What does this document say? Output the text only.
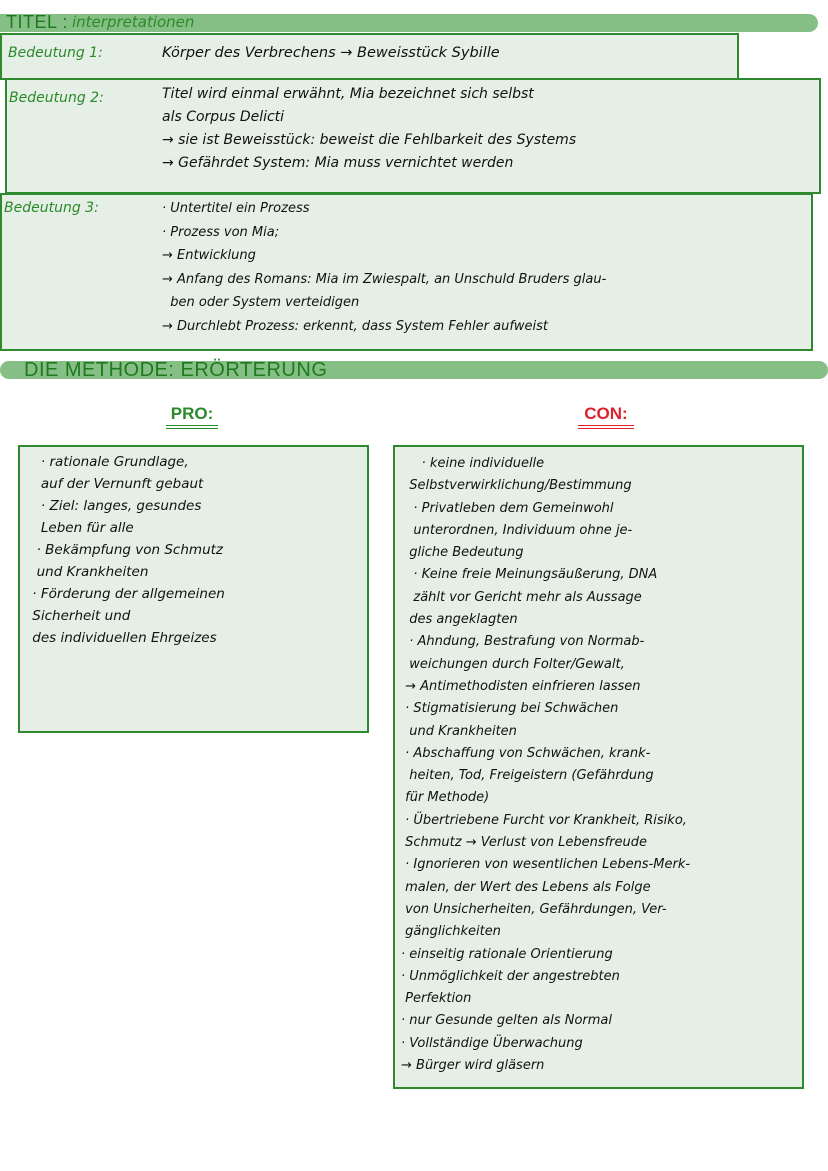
TITEL : interpretationen
Bedeutung 1:	Körper des Verbrechens → Beweisstück Sybille
Bedeutung 2:	Titel wird einmal erwähnt, Mia bezeichnet sich selbst
als Corpus Delicti
→ sie ist Beweisstück: beweist die Fehlbarkeit des Systems
→ Gefährdet System: Mia muss vernichtet werden
Bedeutung 3:	· Untertitel ein Prozess
· Prozess von Mia;
→ Entwicklung
→ Anfang des Romans: Mia im Zwiespalt, an Unschuld Bruders glau-
ben oder System verteidigen
→ Durchlebt Prozess: erkennt, dass System Fehler aufweist
DIE METHODE: ERÖRTERUNG
PRO:	CON:
· rationale Grundlage,
auf der Vernunft gebaut
· Ziel: langes, gesundes
Leben für alle
· Bekämpfung von Schmutz
und Krankheiten
· Förderung der allgemeinen
Sicherheit und
des individuellen Ehrgeizes
· keine individuelle
Selbstverwirklichung/Bestimmung
· Privatleben dem Gemeinwohl
unterordnen, Individuum ohne je-
gliche Bedeutung
· Keine freie Meinungsäußerung, DNA
zählt vor Gericht mehr als Aussage
des angeklagten
· Ahndung, Bestrafung von Normab-
weichungen durch Folter/Gewalt,
→ Antimethodisten einfrieren lassen
· Stigmatisierung bei Schwächen
und Krankheiten
· Abschaffung von Schwächen, krank-
heiten, Tod, Freigeistern (Gefährdung
für Methode)
· Übertriebene Furcht vor Krankheit, Risiko,
Schmutz → Verlust von Lebensfreude
· Ignorieren von wesentlichen Lebens-Merk-
malen, der Wert des Lebens als Folge
von Unsicherheiten, Gefährdungen, Ver-
gänglichkeiten
· einseitig rationale Orientierung
· Unmöglichkeit der angestrebten
Perfektion
· nur Gesunde gelten als Normal
· Vollständige Überwachung
→ Bürger wird gläsern
